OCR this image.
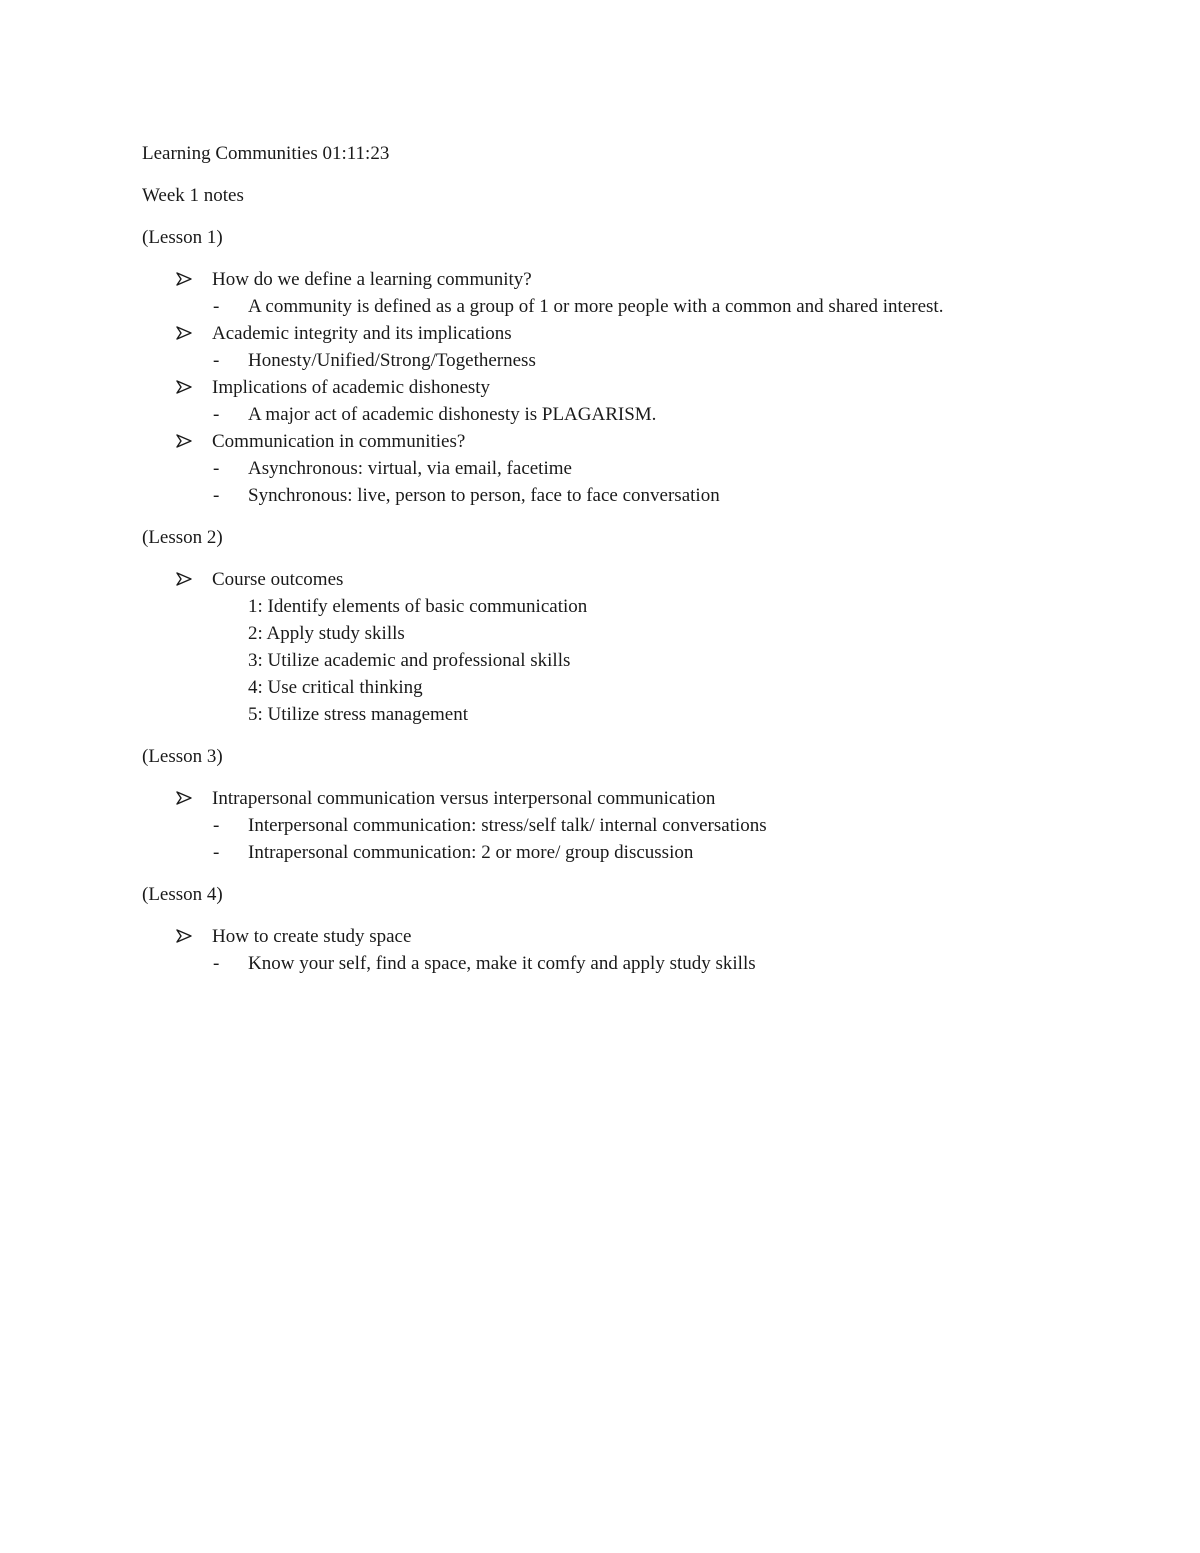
Learning Communities 01:11:23
Week 1 notes
(Lesson 1)
How do we define a learning community?
- A community is defined as a group of 1 or more people with a common and shared interest.
Academic integrity and its implications
- Honesty/Unified/Strong/Togetherness
Implications of academic dishonesty
- A major act of academic dishonesty is PLAGARISM.
Communication in communities?
- Asynchronous: virtual, via email, facetime
- Synchronous: live, person to person, face to face conversation
(Lesson 2)
Course outcomes
1: Identify elements of basic communication
2: Apply study skills
3: Utilize academic and professional skills
4: Use critical thinking
5: Utilize stress management
(Lesson 3)
Intrapersonal communication versus interpersonal communication
- Interpersonal communication: stress/self talk/ internal conversations
- Intrapersonal communication: 2 or more/ group discussion
(Lesson 4)
How to create study space
- Know your self, find a space, make it comfy and apply study skills
